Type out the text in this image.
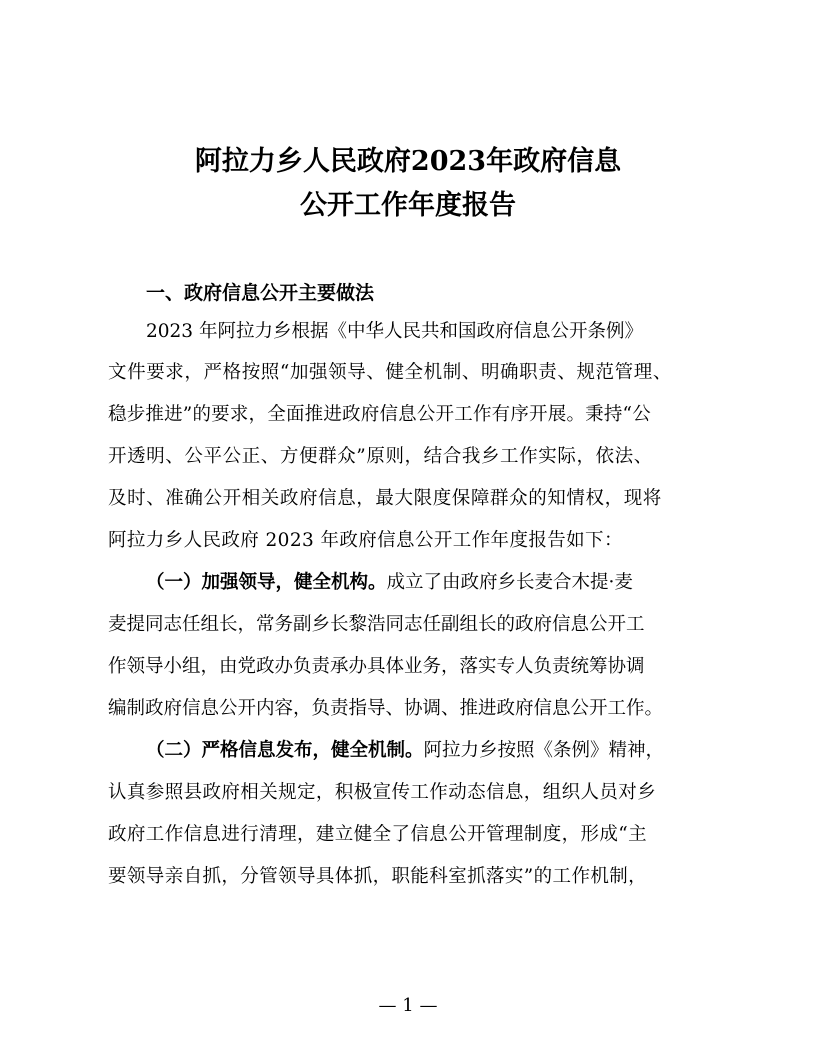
阿拉力乡人民政府2023年政府信息
公开工作年度报告
一、政府信息公开主要做法

2023 年阿拉力乡根据《中华人民共和国政府信息公开条例》

文件要求，严格按照“加强领导、健全机制、明确职责、规范管理、

稳步推进”的要求，全面推进政府信息公开工作有序开展。秉持“公

开透明、公平公正、方便群众”原则，结合我乡工作实际，依法、

及时、准确公开相关政府信息，最大限度保障群众的知情权，现将

阿拉力乡人民政府 2023 年政府信息公开工作年度报告如下：

（一）加强领导，健全机构。成立了由政府乡长麦合木提·麦

麦提同志任组长，常务副乡长黎浩同志任副组长的政府信息公开工

作领导小组，由党政办负责承办具体业务，落实专人负责统筹协调

编制政府信息公开内容，负责指导、协调、推进政府信息公开工作。

（二）严格信息发布，健全机制。阿拉力乡按照《条例》精神，

认真参照县政府相关规定，积极宣传工作动态信息，组织人员对乡

政府工作信息进行清理，建立健全了信息公开管理制度，形成“主

要领导亲自抓，分管领导具体抓，职能科室抓落实”的工作机制，

— 1 —
